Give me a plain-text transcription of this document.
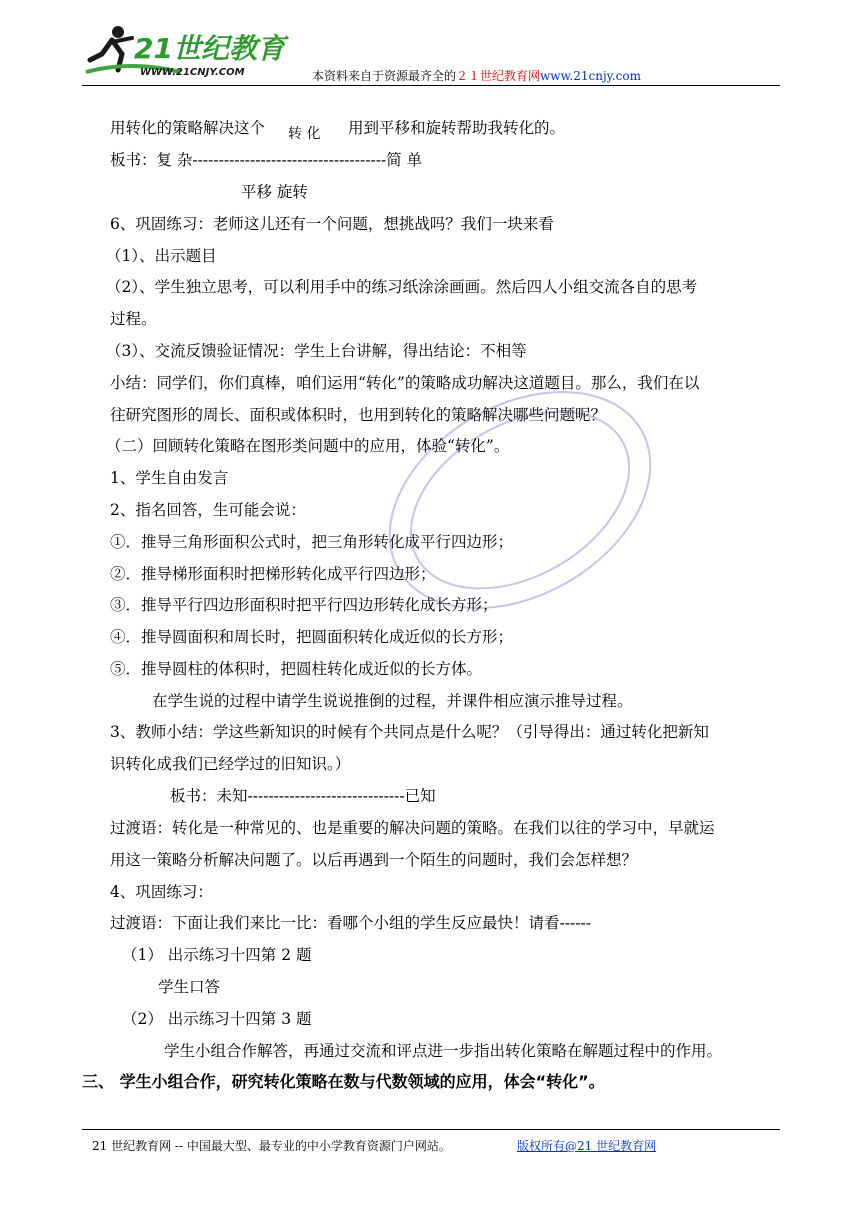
21世纪教育
WWW.21CNJY.COM	本资料来自于资源最齐全的２１世纪教育网www.21cnjy.com
用转化的策略解决这个 转 化 用到平移和旋转帮助我转化的。
板书：复 杂-------------------------------------简 单
平移 旋转
6、巩固练习：老师这儿还有一个问题，想挑战吗？我们一块来看
（1）、出示题目
（2）、学生独立思考，可以利用手中的练习纸涂涂画画。然后四人小组交流各自的思考
过程。
（3）、交流反馈验证情况：学生上台讲解，得出结论：不相等
小结：同学们，你们真棒，咱们运用“转化”的策略成功解决这道题目。那么，我们在以
往研究图形的周长、面积或体积时，也用到转化的策略解决哪些问题呢？
（二）回顾转化策略在图形类问题中的应用，体验“转化”。
1、学生自由发言
2、指名回答，生可能会说：
①．推导三角形面积公式时，把三角形转化成平行四边形；
②．推导梯形面积时把梯形转化成平行四边形；
③．推导平行四边形面积时把平行四边形转化成长方形；
④．推导圆面积和周长时，把圆面积转化成近似的长方形；
⑤．推导圆柱的体积时，把圆柱转化成近似的长方体。
在学生说的过程中请学生说说推倒的过程，并课件相应演示推导过程。
3、教师小结：学这些新知识的时候有个共同点是什么呢？（引导得出：通过转化把新知
识转化成我们已经学过的旧知识。）
板书：未知------------------------------已知
过渡语：转化是一种常见的、也是重要的解决问题的策略。在我们以往的学习中，早就运
用这一策略分析解决问题了。以后再遇到一个陌生的问题时，我们会怎样想？
4、巩固练习：
过渡语：下面让我们来比一比：看哪个小组的学生反应最快！请看------
（1） 出示练习十四第 2 题
学生口答
（2） 出示练习十四第 3 题
学生小组合作解答，再通过交流和评点进一步指出转化策略在解题过程中的作用。
三、 学生小组合作，研究转化策略在数与代数领域的应用，体会“转化”。
21 世纪教育网 -- 中国最大型、最专业的中小学教育资源门户网站。	版权所有@21 世纪教育网
